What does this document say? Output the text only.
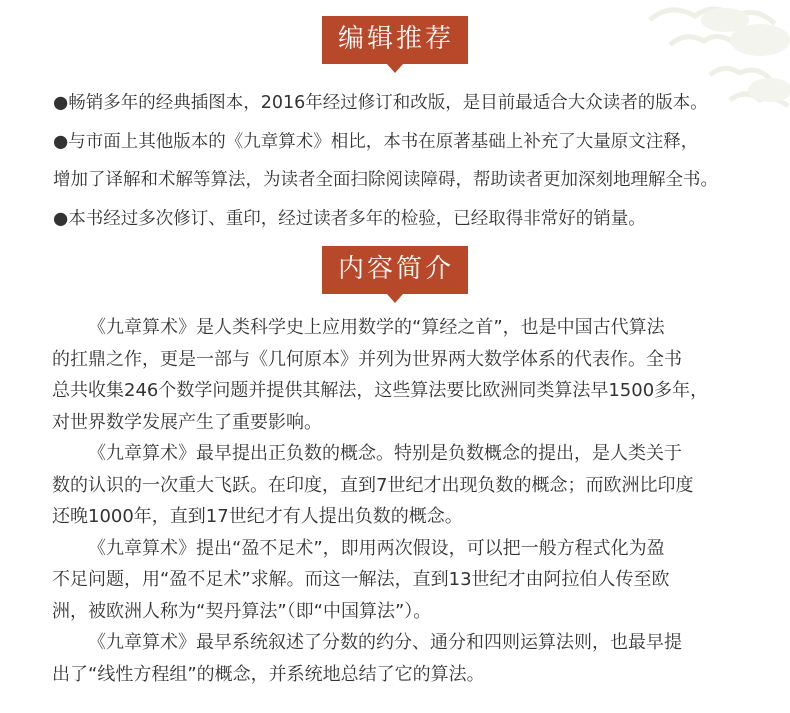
编辑推荐
●畅销多年的经典插图本，2016年经过修订和改版，是目前最适合大众读者的版本。
●与市面上其他版本的《九章算术》相比，本书在原著基础上补充了大量原文注释，
增加了译解和术解等算法，为读者全面扫除阅读障碍，帮助读者更加深刻地理解全书。
●本书经过多次修订、重印，经过读者多年的检验，已经取得非常好的销量。
内容简介
《九章算术》是人类科学史上应用数学的“算经之首”，也是中国古代算法
的扛鼎之作，更是一部与《几何原本》并列为世界两大数学体系的代表作。全书
总共收集246个数学问题并提供其解法，这些算法要比欧洲同类算法早1500多年，
对世界数学发展产生了重要影响。
《九章算术》最早提出正负数的概念。特别是负数概念的提出，是人类关于
数的认识的一次重大飞跃。在印度，直到7世纪才出现负数的概念；而欧洲比印度
还晚1000年，直到17世纪才有人提出负数的概念。
《九章算术》提出“盈不足术”，即用两次假设，可以把一般方程式化为盈
不足问题，用“盈不足术”求解。而这一解法，直到13世纪才由阿拉伯人传至欧
洲，被欧洲人称为“契丹算法”（即“中国算法”）。
《九章算术》最早系统叙述了分数的约分、通分和四则运算法则，也最早提
出了“线性方程组”的概念，并系统地总结了它的算法。
